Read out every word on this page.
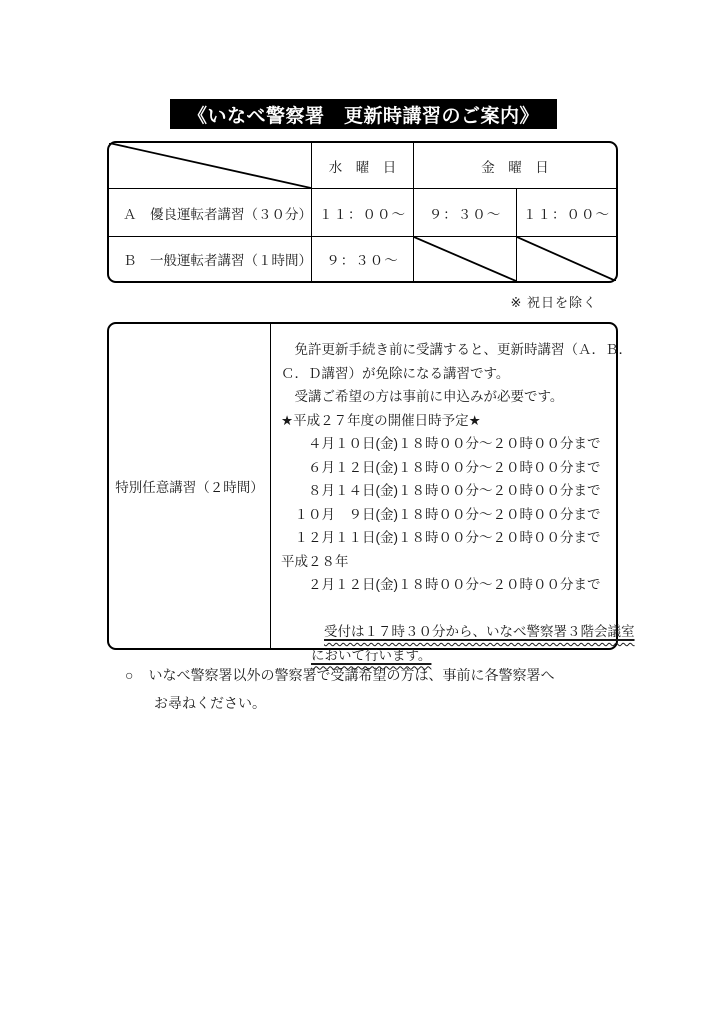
《いなべ警察署　更新時講習のご案内》
水　曜　日	金　曜　日
Ａ　優良運転者講習（３０分） １１：００～	９：３０～	１１：００～
Ｂ　一般運転者講習（１時間）	９：３０～
※ 祝日を除く
特別任意講習（２時間）
　免許更新手続き前に受講すると、更新時講習（Ａ．Ｂ．
Ｃ．Ｄ講習）が免除になる講習です。
　受講ご希望の方は事前に申込みが必要です。
★平成２７年度の開催日時予定★
　　４月１０日(金)１８時００分～２０時００分まで
　　６月１２日(金)１８時００分～２０時００分まで
　　８月１４日(金)１８時００分～２０時００分まで
　１０月　９日(金)１８時００分～２０時００分まで
　１２月１１日(金)１８時００分～２０時００分まで
平成２８年
　　２月１２日(金)１８時００分～２０時００分まで

受付は１７時３０分から、いなべ警察署３階会議室

において行います。

○ いなべ警察署以外の警察署で受講希望の方は、事前に各警察署へ
お尋ねください。
